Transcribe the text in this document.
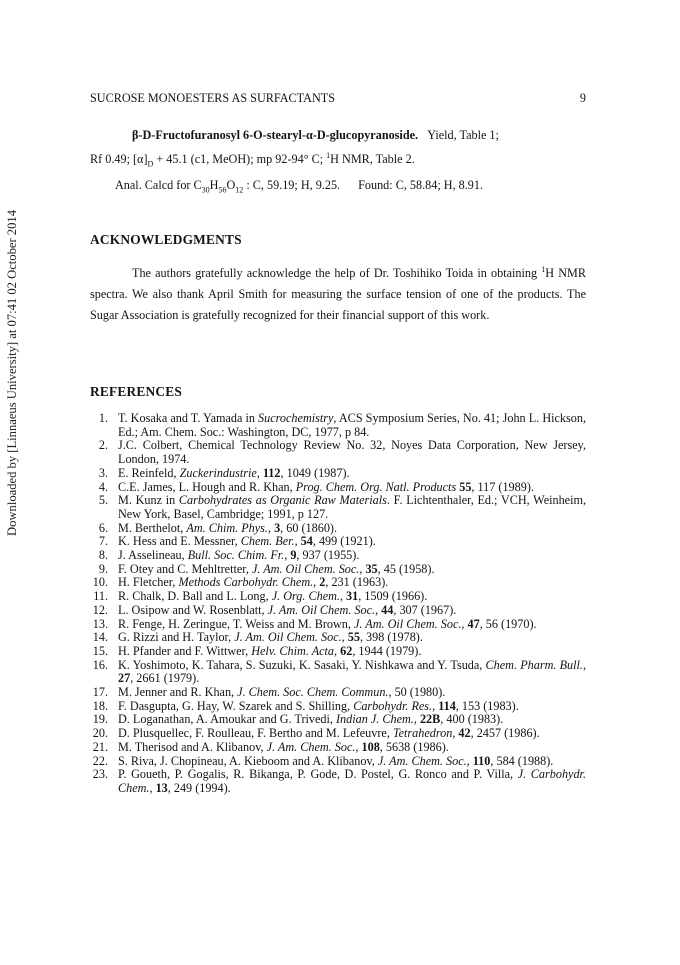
Downloaded by [Linnaeus University] at 07:41 02 October 2014
SUCROSE MONOESTERS AS SURFACTANTS	9

β-D-Fructofuranosyl 6-O-stearyl-α-D-glucopyranoside. Yield, Table 1;

Rf 0.49; $[\alpha]_D + 45.1$ (c1, MeOH); mp 92-94° C; $^1$H NMR, Table 2.

Anal. Calcd for $C_{30}H_{56}O_{12}$ : C, 59.19; H, 9.25. Found: C, 58.84; H, 8.91.

ACKNOWLEDGMENTS

The authors gratefully acknowledge the help of Dr. Toshihiko Toida in obtaining $^1$H NMR spectra. We also thank April Smith for measuring the surface tension of one of the products. The Sugar Association is gratefully recognized for their financial support of this work.

REFERENCES
1. T. Kosaka and T. Yamada in Sucrochemistry, ACS Symposium Series, No. 41; John L. Hickson, Ed.; Am. Chem. Soc.: Washington, DC, 1977, p 84.
2. J.C. Colbert, Chemical Technology Review No. 32, Noyes Data Corporation, New Jersey, London, 1974.
3. E. Reinfeld, Zuckerindustrie, 112, 1049 (1987).
4. C.E. James, L. Hough and R. Khan, Prog. Chem. Org. Natl. Products 55, 117 (1989).
5. M. Kunz in Carbohydrates as Organic Raw Materials. F. Lichtenthaler, Ed.; VCH, Weinheim, New York, Basel, Cambridge; 1991, p 127.
6. M. Berthelot, Am. Chim. Phys., 3, 60 (1860).
7. K. Hess and E. Messner, Chem. Ber., 54, 499 (1921).
8. J. Asselineau, Bull. Soc. Chim. Fr., 9, 937 (1955).
9. F. Otey and C. Mehltretter, J. Am. Oil Chem. Soc., 35, 45 (1958).
10. H. Fletcher, Methods Carbohydr. Chem., 2, 231 (1963).
11. R. Chalk, D. Ball and L. Long, J. Org. Chem., 31, 1509 (1966).
12. L. Osipow and W. Rosenblatt, J. Am. Oil Chem. Soc., 44, 307 (1967).
13. R. Fenge, H. Zeringue, T. Weiss and M. Brown, J. Am. Oil Chem. Soc., 47, 56 (1970).
14. G. Rizzi and H. Taylor, J. Am. Oil Chem. Soc., 55, 398 (1978).
15. H. Pfander and F. Wittwer, Helv. Chim. Acta, 62, 1944 (1979).
16. K. Yoshimoto, K. Tahara, S. Suzuki, K. Sasaki, Y. Nishkawa and Y. Tsuda, Chem. Pharm. Bull., 27, 2661 (1979).
17. M. Jenner and R. Khan, J. Chem. Soc. Chem. Commun., 50 (1980).
18. F. Dasgupta, G. Hay, W. Szarek and S. Shilling, Carbohydr. Res., 114, 153 (1983).
19. D. Loganathan, A. Amoukar and G. Trivedi, Indian J. Chem., 22B, 400 (1983).
20. D. Plusquellec, F. Roulleau, F. Bertho and M. Lefeuvre, Tetrahedron, 42, 2457 (1986).
21. M. Therisod and A. Klibanov, J. Am. Chem. Soc., 108, 5638 (1986).
22. S. Riva, J. Chopineau, A. Kieboom and A. Klibanov, J. Am. Chem. Soc., 110, 584 (1988).
23. P. Goueth, P. Gogalis, R. Bikanga, P. Gode, D. Postel, G. Ronco and P. Villa, J. Carbohydr. Chem., 13, 249 (1994).
